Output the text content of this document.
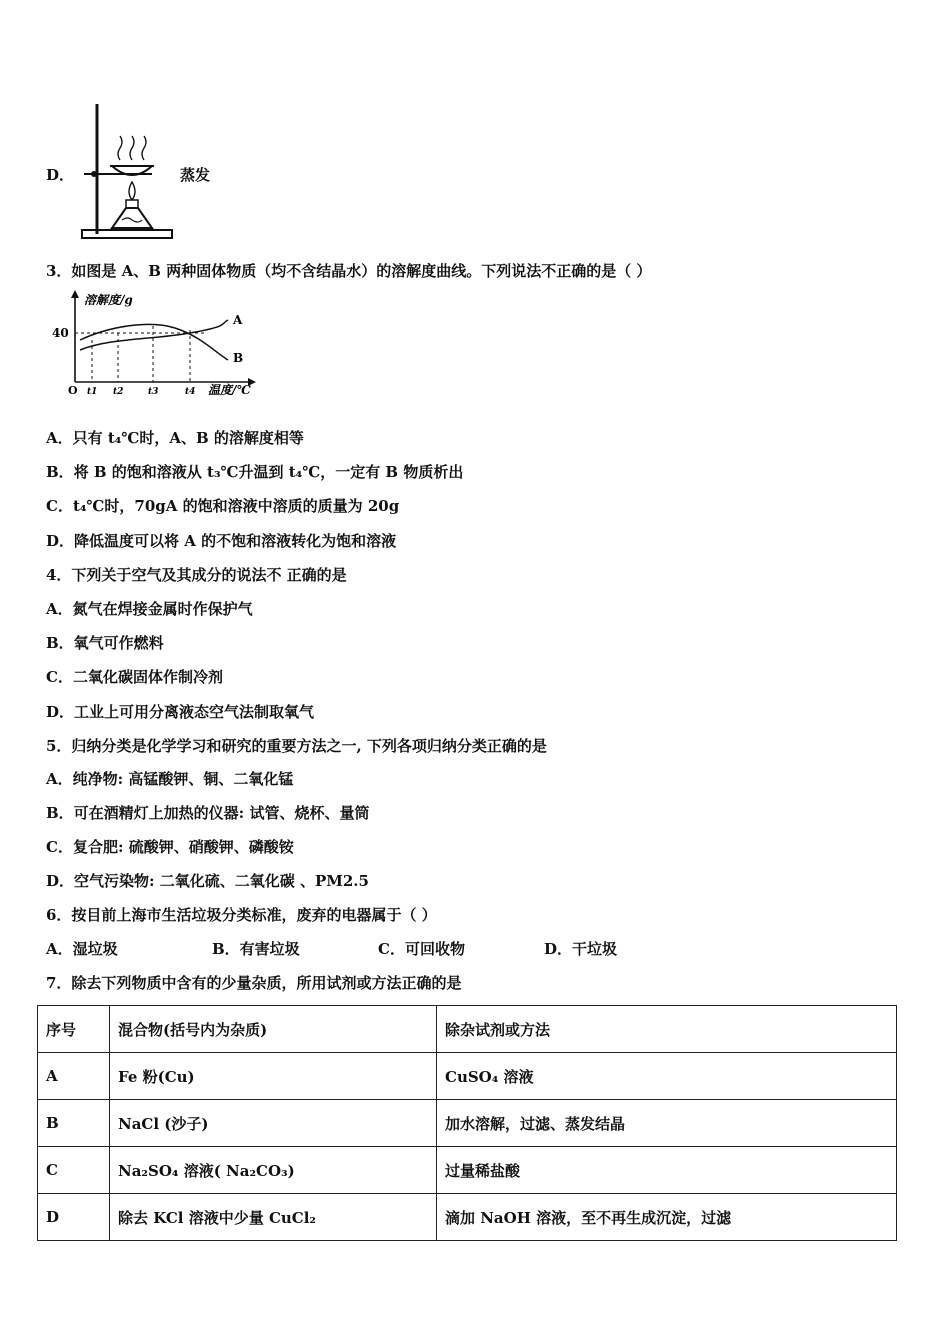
D．	蒸发
3．如图是 A、B 两种固体物质（均不含结晶水）的溶解度曲线。下列说法不正确的是（ ）
溶解度/g
40
O
A
B
t1 t2	t3	t4 温度/℃
A．只有 t₄℃时，A、B 的溶解度相等
B．将 B 的饱和溶液从 t₃℃升温到 t₄℃，一定有 B 物质析出
C．t₄℃时，70gA 的饱和溶液中溶质的质量为 20g
D．降低温度可以将 A 的不饱和溶液转化为饱和溶液
4．下列关于空气及其成分的说法不 正确的是
A．氮气在焊接金属时作保护气
B．氧气可作燃料
C．二氧化碳固体作制冷剂
D．工业上可用分离液态空气法制取氧气
5．归纳分类是化学学习和研究的重要方法之一, 下列各项归纳分类正确的是
A．纯净物: 高锰酸钾、铜、二氧化锰
B．可在酒精灯上加热的仪器: 试管、烧杯、量筒
C．复合肥: 硫酸钾、硝酸钾、磷酸铵
D．空气污染物: 二氧化硫、二氧化碳 、PM2.5
6．按目前上海市生活垃圾分类标准，废弃的电器属于（ ）
A．湿垃圾	B．有害垃圾	C．可回收物	D．干垃圾
7．除去下列物质中含有的少量杂质，所用试剂或方法正确的是
序号	混合物(括号内为杂质)	除杂试剂或方法
A	Fe 粉(Cu)	CuSO₄ 溶液
B	NaCl (沙子)	加水溶解，过滤、蒸发结晶
C	Na₂SO₄ 溶液( Na₂CO₃)	过量稀盐酸
D	除去 KCl 溶液中少量 CuCl₂	滴加 NaOH 溶液，至不再生成沉淀，过滤
